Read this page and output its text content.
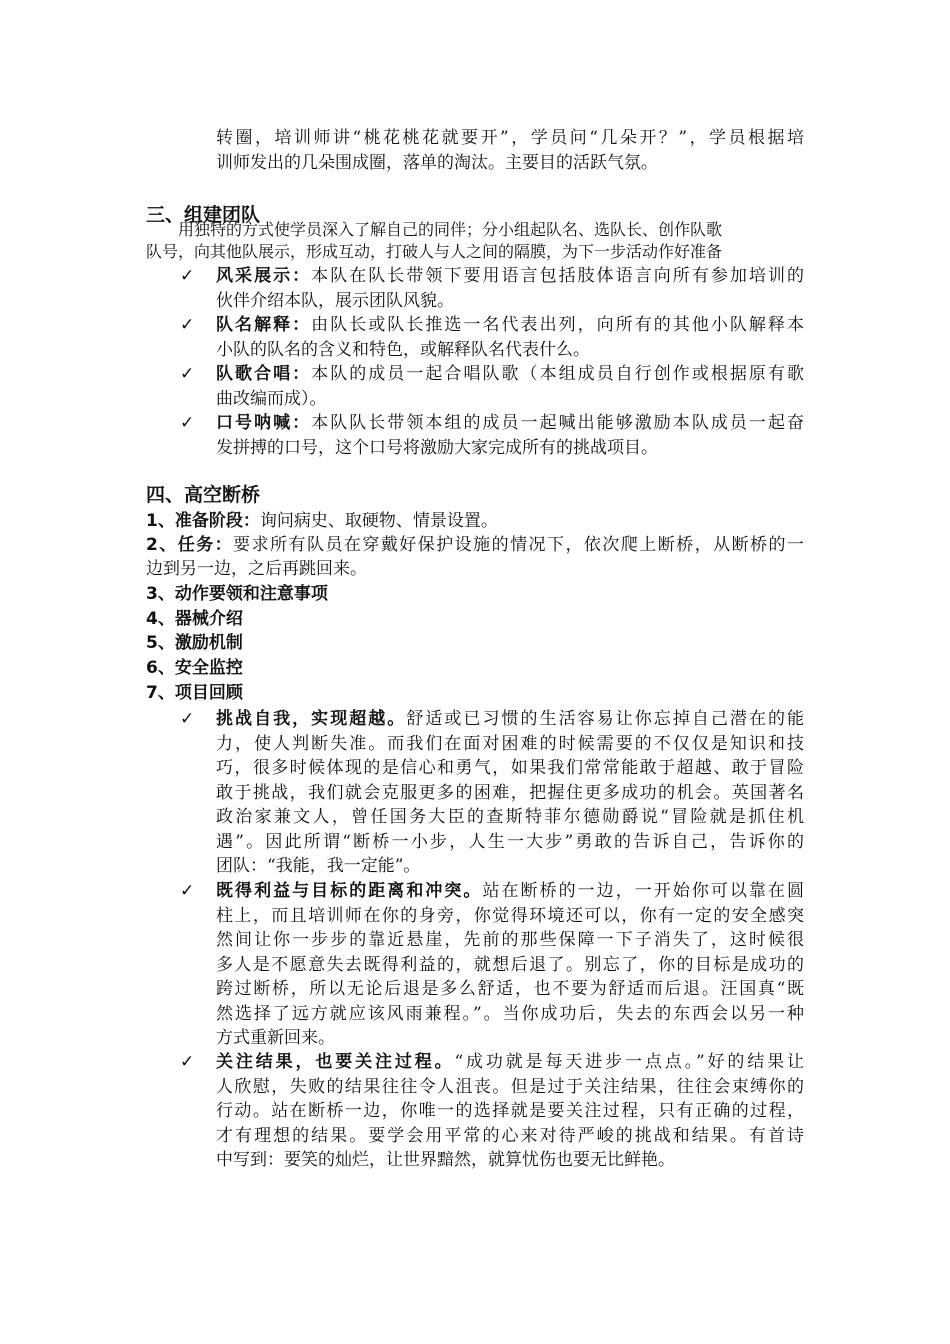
转圈，培训师讲“桃花桃花就要开”，学员问“几朵开？”，学员根据培
训师发出的几朵围成圈，落单的淘汰。主要目的活跃气氛。
三、组建团队
用独特的方式使学员深入了解自己的同伴；分小组起队名、选队长、创作队歌
队号，向其他队展示，形成互动，打破人与人之间的隔膜，为下一步活动作好准备
✓ 风采展示：本队在队长带领下要用语言包括肢体语言向所有参加培训的
伙伴介绍本队，展示团队风貌。
✓ 队名解释：由队长或队长推选一名代表出列，向所有的其他小队解释本
小队的队名的含义和特色，或解释队名代表什么。
✓ 队歌合唱：本队的成员一起合唱队歌（本组成员自行创作或根据原有歌
曲改编而成）。
✓ 口号呐喊：本队队长带领本组的成员一起喊出能够激励本队成员一起奋
发拼搏的口号，这个口号将激励大家完成所有的挑战项目。
四、高空断桥
1、准备阶段：询问病史、取硬物、情景设置。
2、任务：要求所有队员在穿戴好保护设施的情况下，依次爬上断桥，从断桥的一
边到另一边，之后再跳回来。
3、动作要领和注意事项
4、器械介绍
5、激励机制
6、安全监控
7、项目回顾
✓ 挑战自我，实现超越。舒适或已习惯的生活容易让你忘掉自己潜在的能

力，使人判断失准。而我们在面对困难的时候需要的不仅仅是知识和技

巧，很多时候体现的是信心和勇气，如果我们常常能敢于超越、敢于冒险

敢于挑战，我们就会克服更多的困难，把握住更多成功的机会。英国著名

政治家兼文人，曾任国务大臣的查斯特菲尔德勋爵说“冒险就是抓住机

遇”。因此所谓“断桥一小步，人生一大步”勇敢的告诉自己，告诉你的

团队：“我能，我一定能”。

✓ 既得利益与目标的距离和冲突。站在断桥的一边，一开始你可以靠在圆

柱上，而且培训师在你的身旁，你觉得环境还可以，你有一定的安全感突

然间让你一步步的靠近悬崖，先前的那些保障一下子消失了，这时候很

多人是不愿意失去既得利益的，就想后退了。别忘了，你的目标是成功的

跨过断桥，所以无论后退是多么舒适，也不要为舒适而后退。汪国真“既

然选择了远方就应该风雨兼程。”。当你成功后，失去的东西会以另一种

方式重新回来。

✓ 关注结果，也要关注过程。“成功就是每天进步一点点。”好的结果让

人欣慰，失败的结果往往令人沮丧。但是过于关注结果，往往会束缚你的

行动。站在断桥一边，你唯一的选择就是要关注过程，只有正确的过程，

才有理想的结果。要学会用平常的心来对待严峻的挑战和结果。有首诗

中写到：要笑的灿烂，让世界黯然，就算忧伤也要无比鲜艳。
